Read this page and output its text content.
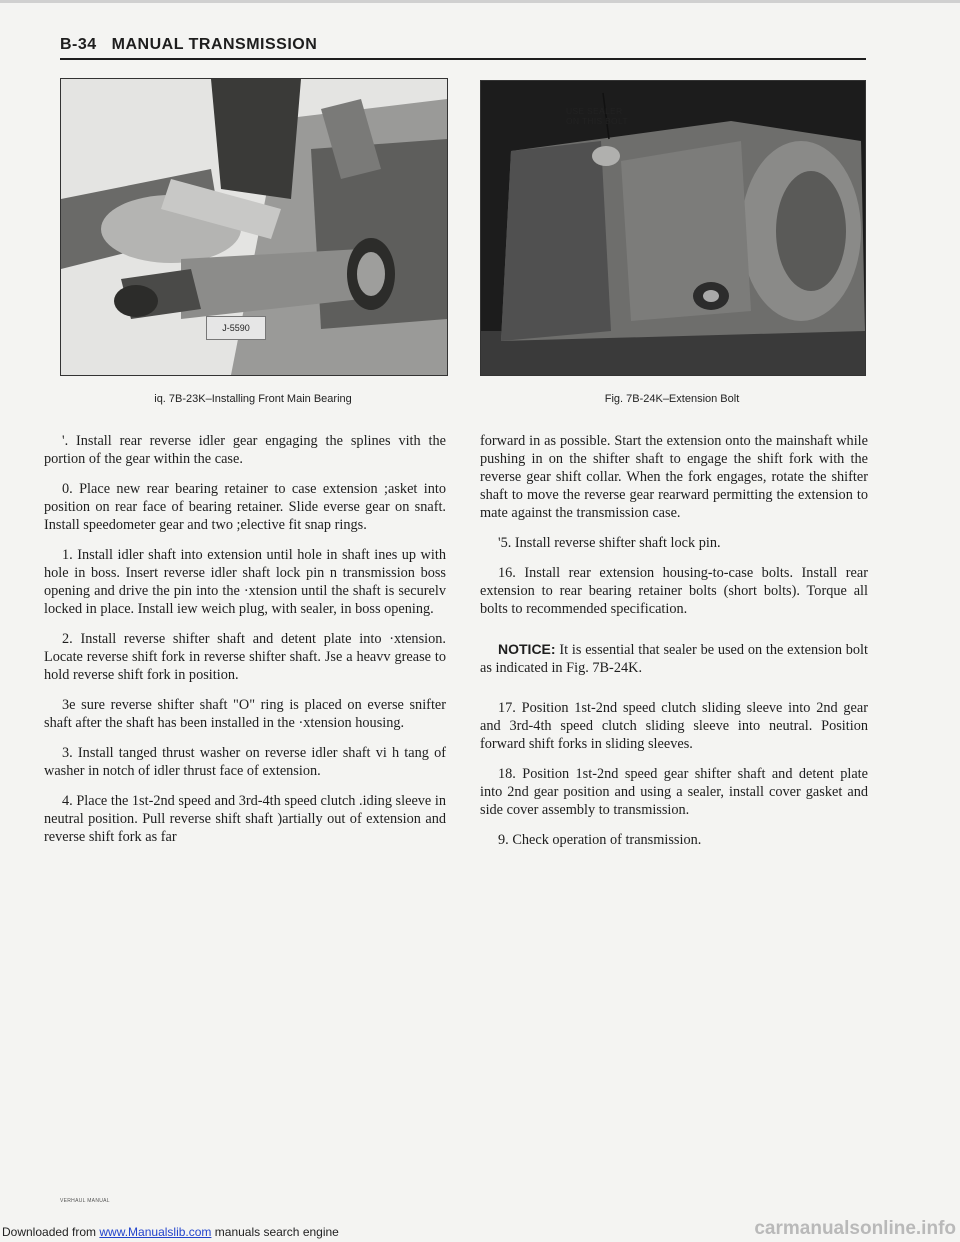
B-34 MANUAL TRANSMISSION
J-5590
iq. 7B-23K–Installing Front Main Bearing
USE SEALER
ON THIS BOLT
Fig. 7B-24K–Extension Bolt

'. Install rear reverse idler gear engaging the splines vith the portion of the gear within the case.

0. Place new rear bearing retainer to case extension ;asket into position on rear face of bearing retainer. Slide everse gear on snaft. Install speedometer gear and two ;elective fit snap rings.

1. Install idler shaft into extension until hole in shaft ines up with hole in boss. Insert reverse idler shaft lock pin n transmission boss opening and drive the pin into the ·xtension until the shaft is securelv locked in place. Install iew weich plug, with sealer, in boss opening.

2. Install reverse shifter shaft and detent plate into ·xtension. Locate reverse shift fork in reverse shifter shaft. Jse a heavv grease to hold reverse shift fork in position.

3e sure reverse shifter shaft "O" ring is placed on everse snifter shaft after the shaft has been installed in the ·xtension housing.

3. Install tanged thrust washer on reverse idler shaft vi h tang of washer in notch of idler thrust face of extension.

4. Place the 1st-2nd speed and 3rd-4th speed clutch .iding sleeve in neutral position. Pull reverse shift shaft )artially out of extension and reverse shift fork as far

forward in as possible. Start the extension onto the mainshaft while pushing in on the shifter shaft to engage the shift fork with the reverse gear shift collar. When the fork engages, rotate the shifter shaft to move the reverse gear rearward permitting the extension to mate against the transmission case.

'5. Install reverse shifter shaft lock pin.

16. Install rear extension housing-to-case bolts. Install rear extension to rear bearing retainer bolts (short bolts). Torque all bolts to recommended specification.

NOTICE: It is essential that sealer be used on the extension bolt as indicated in Fig. 7B-24K.

17. Position 1st-2nd speed clutch sliding sleeve into 2nd gear and 3rd-4th speed clutch sliding sleeve into neutral. Position forward shift forks in sliding sleeves.

18. Position 1st-2nd speed gear shifter shaft and detent plate into 2nd gear position and using a sealer, install cover gasket and side cover assembly to transmission.

9. Check operation of transmission.

VERHAUL MANUAL
Downloaded from www.Manualslib.com manuals search engine	carmanualsonline.info
